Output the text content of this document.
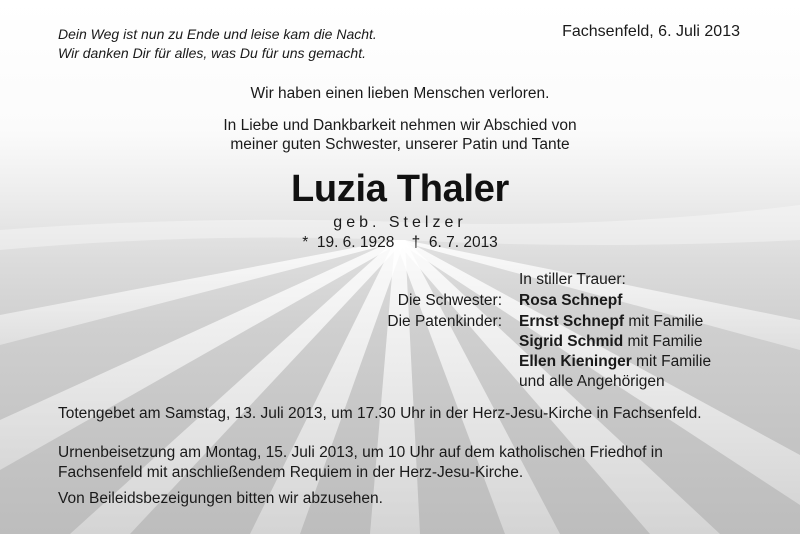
Dein Weg ist nun zu Ende und leise kam die Nacht.
Wir danken Dir für alles, was Du für uns gemacht.
Fachsenfeld, 6. Juli 2013
Wir haben einen lieben Menschen verloren.
In Liebe und Dankbarkeit nehmen wir Abschied von
meiner guten Schwester, unserer Patin und Tante
Luzia Thaler
geb. Stelzer
*  19. 6. 1928    †  6. 7. 2013
In stiller Trauer:
Die Schwester: Rosa Schnepf
Die Patenkinder: Ernst Schnepf mit Familie
Sigrid Schmid mit Familie
Ellen Kieninger mit Familie
und alle Angehörigen
Totengebet am Samstag, 13. Juli 2013, um 17.30 Uhr in der Herz-Jesu-Kirche in Fachsenfeld.
Urnenbeisetzung am Montag, 15. Juli 2013, um 10 Uhr auf dem katholischen Friedhof in Fachsenfeld mit anschließendem Requiem in der Herz-Jesu-Kirche.
Von Beileidsbezeigungen bitten wir abzusehen.
